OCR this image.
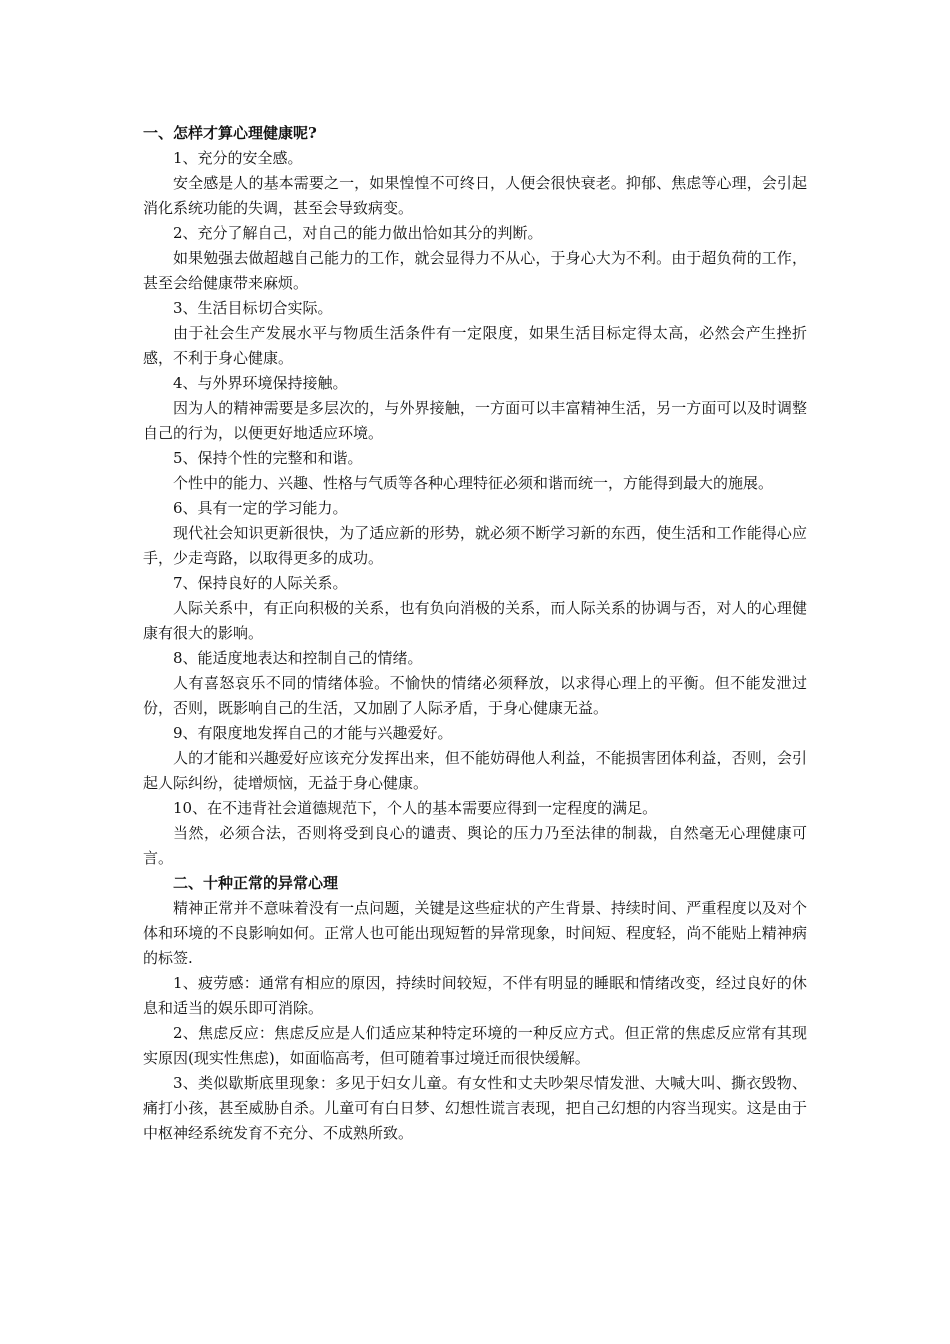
一、怎样才算心理健康呢?

1、充分的安全感。

安全感是人的基本需要之一，如果惶惶不可终日，人便会很快衰老。抑郁、焦虑等心理，会引起消化系统功能的失调，甚至会导致病变。

2、充分了解自己，对自己的能力做出恰如其分的判断。

如果勉强去做超越自己能力的工作，就会显得力不从心，于身心大为不利。由于超负荷的工作，甚至会给健康带来麻烦。

3、生活目标切合实际。

由于社会生产发展水平与物质生活条件有一定限度，如果生活目标定得太高，必然会产生挫折感，不利于身心健康。

4、与外界环境保持接触。

因为人的精神需要是多层次的，与外界接触，一方面可以丰富精神生活，另一方面可以及时调整自己的行为，以便更好地适应环境。

5、保持个性的完整和和谐。

个性中的能力、兴趣、性格与气质等各种心理特征必须和谐而统一，方能得到最大的施展。

6、具有一定的学习能力。

现代社会知识更新很快，为了适应新的形势，就必须不断学习新的东西，使生活和工作能得心应手，少走弯路，以取得更多的成功。

7、保持良好的人际关系。

人际关系中，有正向积极的关系，也有负向消极的关系，而人际关系的协调与否，对人的心理健康有很大的影响。

8、能适度地表达和控制自己的情绪。

人有喜怒哀乐不同的情绪体验。不愉快的情绪必须释放，以求得心理上的平衡。但不能发泄过份，否则，既影响自己的生活，又加剧了人际矛盾，于身心健康无益。

9、有限度地发挥自己的才能与兴趣爱好。

人的才能和兴趣爱好应该充分发挥出来，但不能妨碍他人利益，不能损害团体利益，否则，会引起人际纠纷，徒增烦恼，无益于身心健康。

10、在不违背社会道德规范下，个人的基本需要应得到一定程度的满足。

当然，必须合法，否则将受到良心的谴责、舆论的压力乃至法律的制裁，自然毫无心理健康可言。

二、十种正常的异常心理

精神正常并不意味着没有一点问题，关键是这些症状的产生背景、持续时间、严重程度以及对个体和环境的不良影响如何。正常人也可能出现短暂的异常现象，时间短、程度轻，尚不能贴上精神病的标签.

1、疲劳感：通常有相应的原因，持续时间较短，不伴有明显的睡眠和情绪改变，经过良好的休息和适当的娱乐即可消除。

2、焦虑反应：焦虑反应是人们适应某种特定环境的一种反应方式。但正常的焦虑反应常有其现实原因(现实性焦虑)，如面临高考，但可随着事过境迁而很快缓解。

3、类似歇斯底里现象：多见于妇女儿童。有女性和丈夫吵架尽情发泄、大喊大叫、撕衣毁物、痛打小孩，甚至威胁自杀。儿童可有白日梦、幻想性谎言表现，把自己幻想的内容当现实。这是由于中枢神经系统发育不充分、不成熟所致。
